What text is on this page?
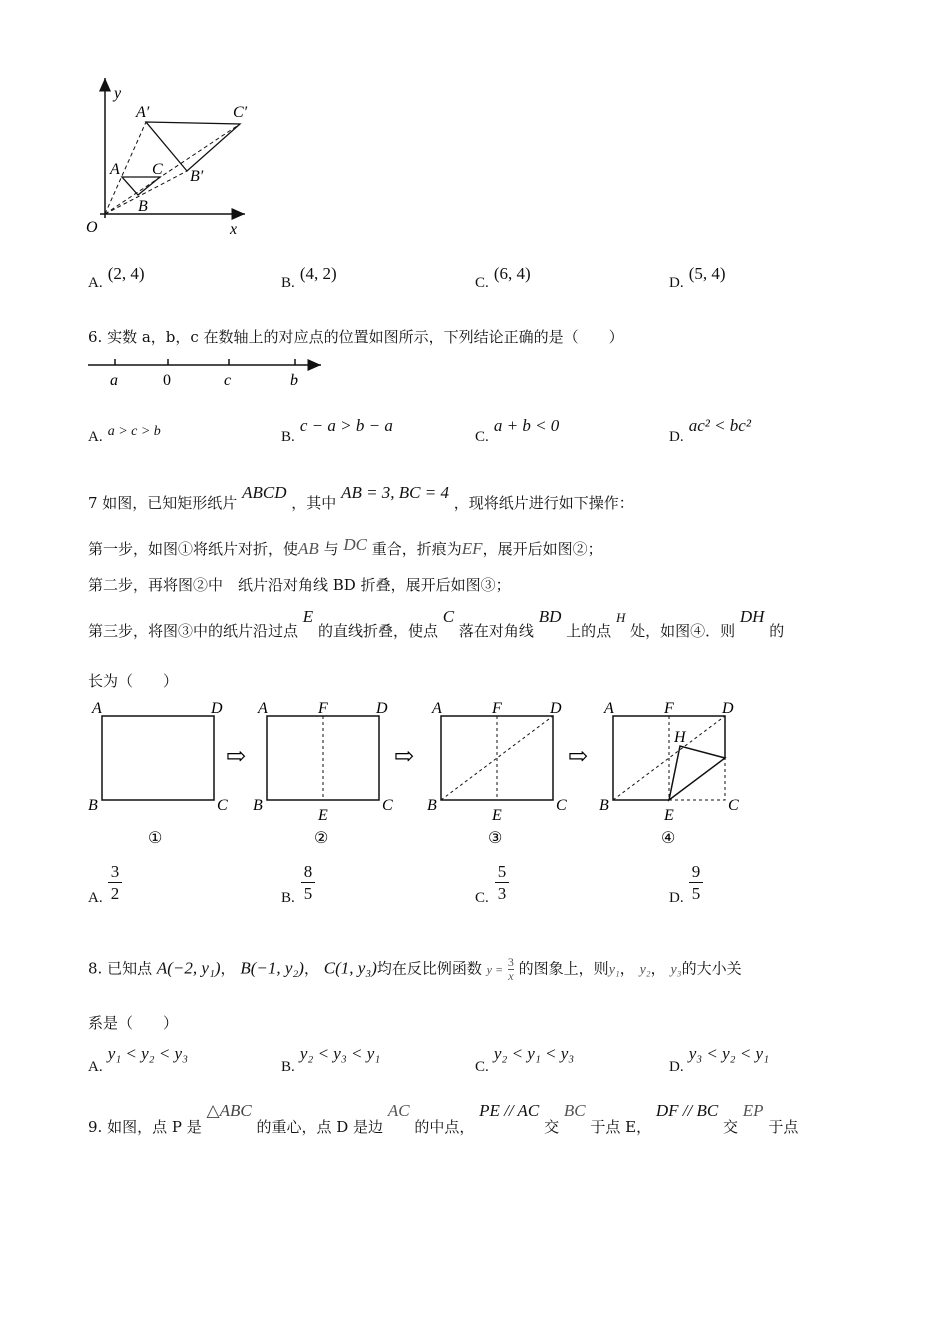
y
x
O
A′	C′
A C B′
B
A. (2, 4)	B. (4, 2)	C. (6, 4)	D. (5, 4)
6. 实数 a，b，c 在数轴上的对应点的位置如图所示，下列结论正确的是（　　）
a	0	c	b
A. a > c > b	B. c − a > b − a
C. a + b < 0
D. ac² < bc²
7 如图，已知矩形纸片 ABCD ，其中 AB = 3, BC = 4 ，现将纸片进行如下操作：
第一步，如图①将纸片对折，使AB 与 DC 重合，折痕为EF，展开后如图②；
第二步，再将图②中　纸片沿对角线 BD 折叠，展开后如图③；
第三步，将图③中的纸片沿过点 E 的直线折叠，使点 C 落在对角线 BD 上的点 H 处，如图④．则 DH 的
长为（　　）
A	D
B	C
①
⇨
A	F	D
B
E
C
②
⇨
A	F	D
B
E
C
③
⇨
A	F	D
H
B
E
C
④
A.
3
2	B.
8
5	C.
5
3	D.
9
5
8. 已知点 A(−2, y₁)， B(−1, y₂)， C(1, y₃)均在反比例函数 $y = \frac{3}{x}$ 的图象上，则y₁， y₂， y₃的大小关
系是（　　）
A. y₁ < y₂ < y₃
B. y₂ < y₃ < y₁
C. y₂ < y₁ < y₃
D. y₃ < y₂ < y₁
9. 如图，点 P 是 △ABC 的重心，点 D 是边 AC 的中点， PE // AC 交 BC 于点 E， DF // BC 交 EP 于点
